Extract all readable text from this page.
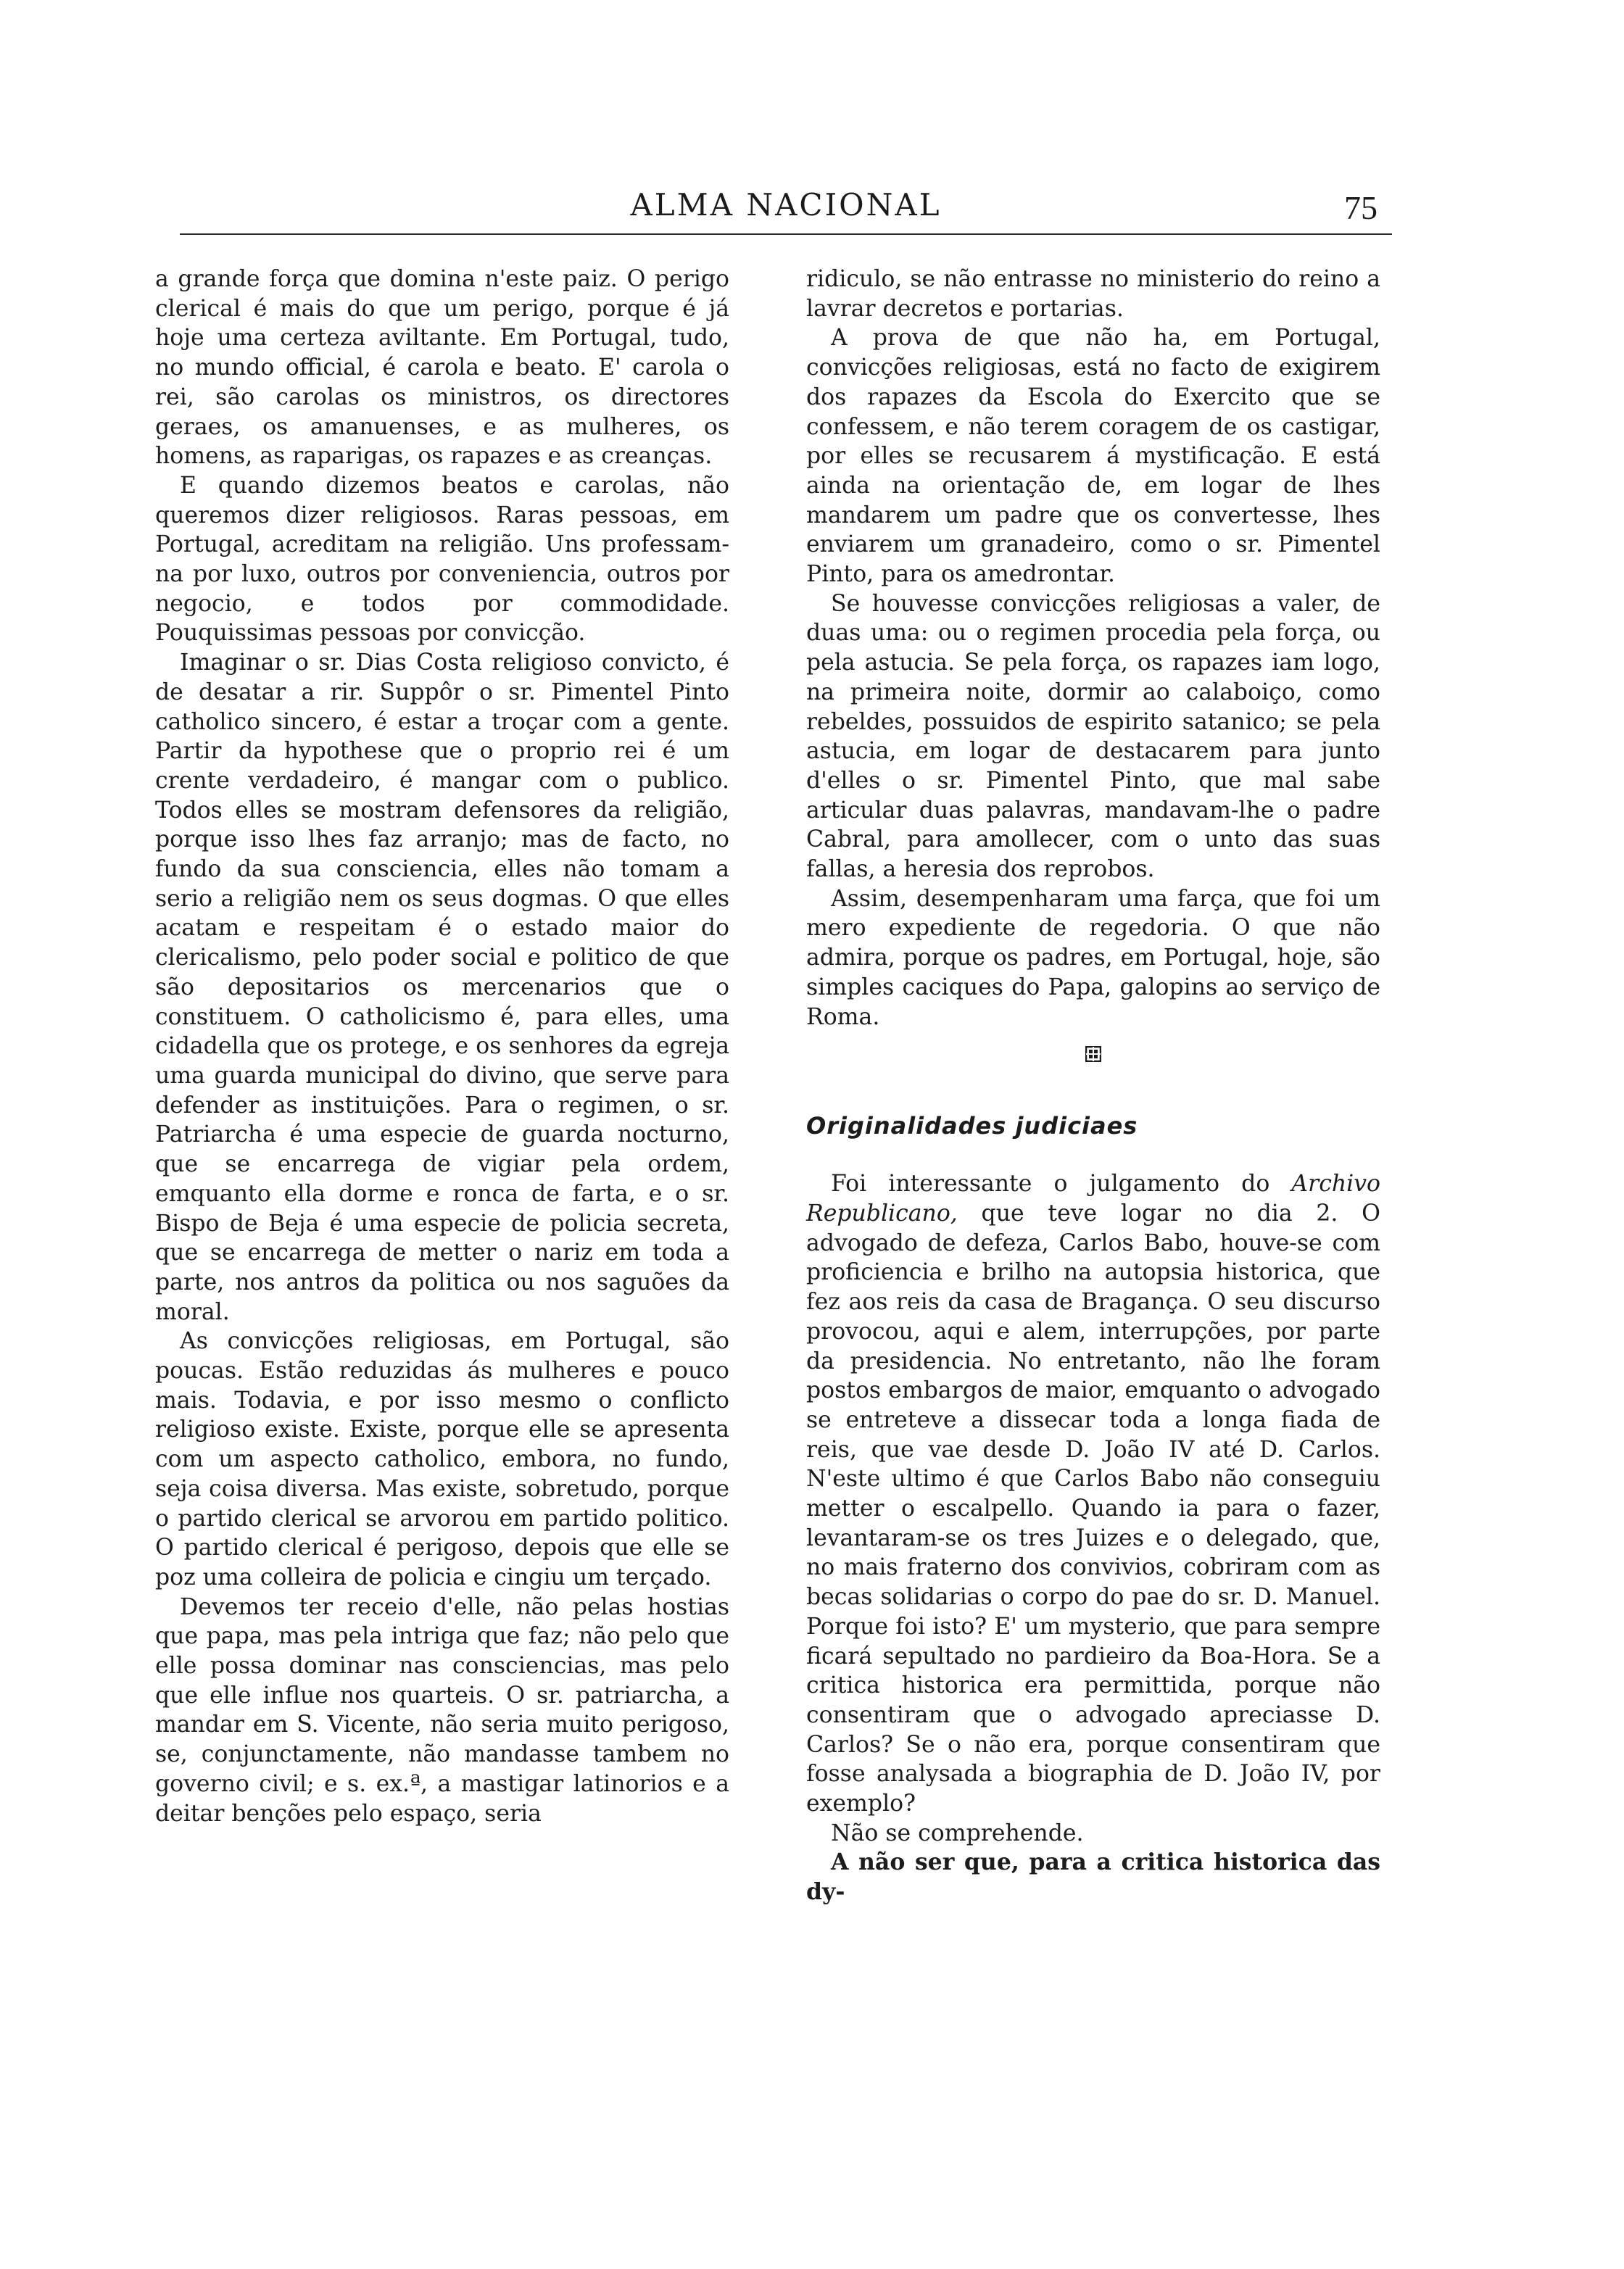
ALMA NACIONAL	75

a grande força que domina n'este paiz. O perigo clerical é mais do que um perigo, porque é já hoje uma certeza aviltante. Em Portugal, tudo, no mundo official, é carola e beato. E' carola o rei, são carolas os ministros, os directores geraes, os amanuenses, e as mulheres, os homens, as raparigas, os rapazes e as creanças.

E quando dizemos beatos e carolas, não queremos dizer religiosos. Raras pessoas, em Portugal, acreditam na religião. Uns professam-na por luxo, outros por conveniencia, outros por negocio, e todos por commodidade. Pouquissimas pessoas por convicção.

Imaginar o sr. Dias Costa religioso convicto, é de desatar a rir. Suppôr o sr. Pimentel Pinto catholico sincero, é estar a troçar com a gente. Partir da hypothese que o proprio rei é um crente verdadeiro, é mangar com o publico. Todos elles se mostram defensores da religião, porque isso lhes faz arranjo; mas de facto, no fundo da sua consciencia, elles não tomam a serio a religião nem os seus dogmas. O que elles acatam e respeitam é o estado maior do clericalismo, pelo poder social e politico de que são depositarios os mercenarios que o constituem. O catholicismo é, para elles, uma cidadella que os protege, e os senhores da egreja uma guarda municipal do divino, que serve para defender as instituições. Para o regimen, o sr. Patriarcha é uma especie de guarda nocturno, que se encarrega de vigiar pela ordem, emquanto ella dorme e ronca de farta, e o sr. Bispo de Beja é uma especie de policia secreta, que se encarrega de metter o nariz em toda a parte, nos antros da politica ou nos saguões da moral.

As convicções religiosas, em Portugal, são poucas. Estão reduzidas ás mulheres e pouco mais. Todavia, e por isso mesmo o conflicto religioso existe. Existe, porque elle se apresenta com um aspecto catholico, embora, no fundo, seja coisa diversa. Mas existe, sobretudo, porque o partido clerical se arvorou em partido politico. O partido clerical é perigoso, depois que elle se poz uma colleira de policia e cingiu um terçado.

Devemos ter receio d'elle, não pelas hostias que papa, mas pela intriga que faz; não pelo que elle possa dominar nas consciencias, mas pelo que elle influe nos quarteis. O sr. patriarcha, a mandar em S. Vicente, não seria muito perigoso, se, conjunctamente, não mandasse tambem no governo civil; e s. ex.ª, a mastigar latinorios e a deitar benções pelo espaço, seria

ridiculo, se não entrasse no ministerio do reino a lavrar decretos e portarias.

A prova de que não ha, em Portugal, convicções religiosas, está no facto de exigirem dos rapazes da Escola do Exercito que se confessem, e não terem coragem de os castigar, por elles se recusarem á mystificação. E está ainda na orientação de, em logar de lhes mandarem um padre que os convertesse, lhes enviarem um granadeiro, como o sr. Pimentel Pinto, para os amedrontar.

Se houvesse convicções religiosas a valer, de duas uma: ou o regimen procedia pela força, ou pela astucia. Se pela força, os rapazes iam logo, na primeira noite, dormir ao calaboiço, como rebeldes, possuidos de espirito satanico; se pela astucia, em logar de destacarem para junto d'elles o sr. Pimentel Pinto, que mal sabe articular duas palavras, mandavam-lhe o padre Cabral, para amollecer, com o unto das suas fallas, a heresia dos reprobos.

Assim, desempenharam uma farça, que foi um mero expediente de regedoria. O que não admira, porque os padres, em Portugal, hoje, são simples caciques do Papa, galopins ao serviço de Roma.

Originalidades judiciaes

Foi interessante o julgamento do Archivo Republicano, que teve logar no dia 2. O advogado de defeza, Carlos Babo, houve-se com proficiencia e brilho na autopsia historica, que fez aos reis da casa de Bragança. O seu discurso provocou, aqui e alem, interrupções, por parte da presidencia. No entretanto, não lhe foram postos embargos de maior, emquanto o advogado se entreteve a dissecar toda a longa fiada de reis, que vae desde D. João IV até D. Carlos. N'este ultimo é que Carlos Babo não conseguiu metter o escalpello. Quando ia para o fazer, levantaram-se os tres Juizes e o delegado, que, no mais fraterno dos convivios, cobriram com as becas solidarias o corpo do pae do sr. D. Manuel. Porque foi isto? E' um mysterio, que para sempre ficará sepultado no pardieiro da Boa-Hora. Se a critica historica era permittida, porque não consentiram que o advogado apreciasse D. Carlos? Se o não era, porque consentiram que fosse analysada a biographia de D. João IV, por exemplo?

Não se comprehende.

A não ser que, para a critica historica das dy-
